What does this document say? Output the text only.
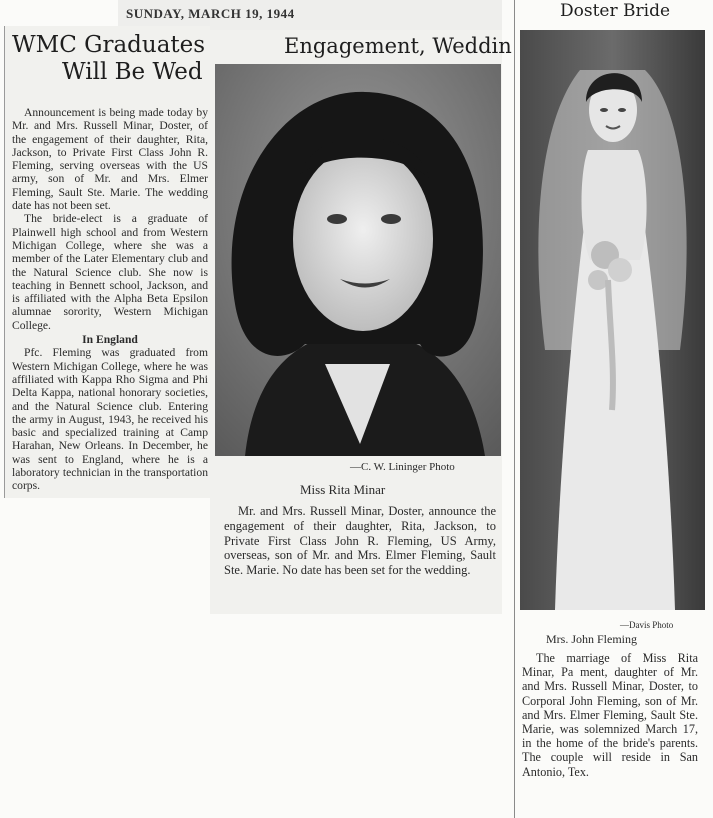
SUNDAY, MARCH 19, 1944
WMC Graduates
Will Be Wed

Announcement is being made today by Mr. and Mrs. Russell Minar, Doster, of the engagement of their daughter, Rita, Jackson, to Private First Class John R. Fleming, serving overseas with the US army, son of Mr. and Mrs. Elmer Fleming, Sault Ste. Marie. The wedding date has not been set.

The bride-elect is a graduate of Plainwell high school and from Western Michigan College, where she was a member of the Later Elementary club and the Natural Science club. She now is teaching in Bennett school, Jackson, and is affiliated with the Alpha Beta Epsilon alumnae sorority, Western Michigan College.

In England

Pfc. Fleming was graduated from Western Michigan College, where he was affiliated with Kappa Rho Sigma and Phi Delta Kappa, national honorary societies, and the Natural Science club. Entering the army in August, 1943, he received his basic and specialized training at Camp Harahan, New Orleans. In December, he was sent to England, where he is a laboratory technician in the transportation corps.

Engagement, Weddin
—C. W. Lininger Photo
Miss Rita Minar
Mr. and Mrs. Russell Minar, Doster, announce the engagement of their daughter, Rita, Jackson, to Private First Class John R. Fleming, US Army, overseas, son of Mr. and Mrs. Elmer Fleming, Sault Ste. Marie. No date has been set for the wedding.
Doster Bride
—Davis Photo
Mrs. John Fleming
The marriage of Miss Rita Minar, Pa ment, daughter of Mr. and Mrs. Russell Minar, Doster, to Corporal John Fleming, son of Mr. and Mrs. Elmer Fleming, Sault Ste. Marie, was solemnized March 17, in the home of the bride's parents. The couple will reside in San Antonio, Tex.
